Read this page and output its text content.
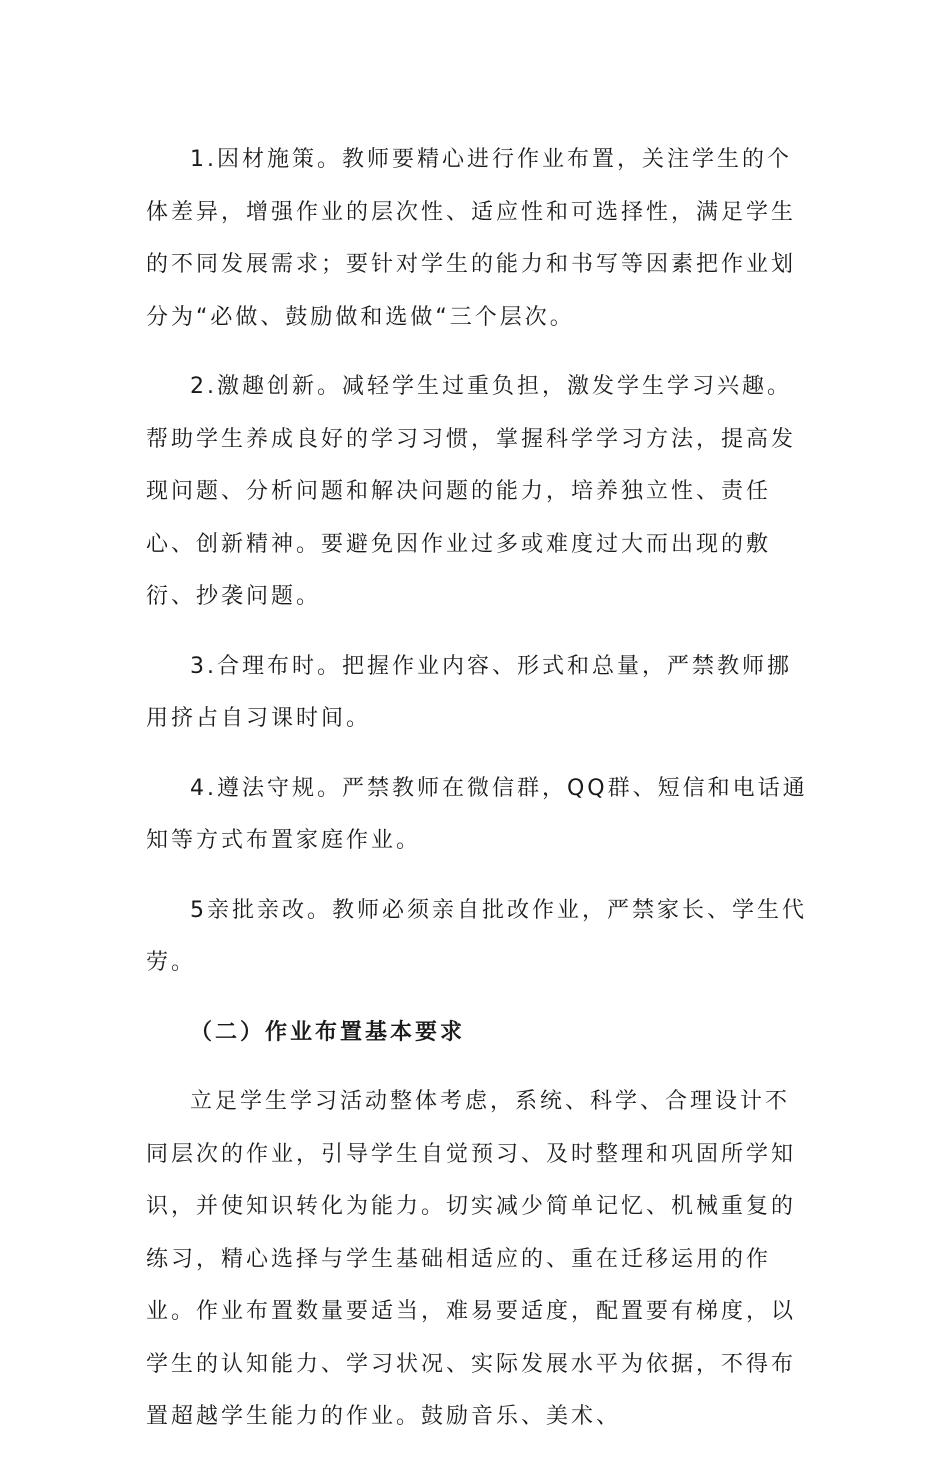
1.因材施策。教师要精心进行作业布置，关注学生的个体差异，增强作业的层次性、适应性和可选择性，满足学生的不同发展需求；要针对学生的能力和书写等因素把作业划分为“必做、鼓励做和选做“三个层次。

2.激趣创新。减轻学生过重负担，激发学生学习兴趣。帮助学生养成良好的学习习惯，掌握科学学习方法，提高发现问题、分析问题和解决问题的能力，培养独立性、责任心、创新精神。要避免因作业过多或难度过大而出现的敷衍、抄袭问题。

3.合理布时。把握作业内容、形式和总量，严禁教师挪用挤占自习课时间。

4.遵法守规。严禁教师在微信群，QQ群、短信和电话通知等方式布置家庭作业。

5亲批亲改。教师必须亲自批改作业，严禁家长、学生代劳。

（二）作业布置基本要求

立足学生学习活动整体考虑，系统、科学、合理设计不同层次的作业，引导学生自觉预习、及时整理和巩固所学知识，并使知识转化为能力。切实减少简单记忆、机械重复的练习，精心选择与学生基础相适应的、重在迁移运用的作业。作业布置数量要适当，难易要适度，配置要有梯度，以学生的认知能力、学习状况、实际发展水平为依据，不得布置超越学生能力的作业。鼓励音乐、美术、
